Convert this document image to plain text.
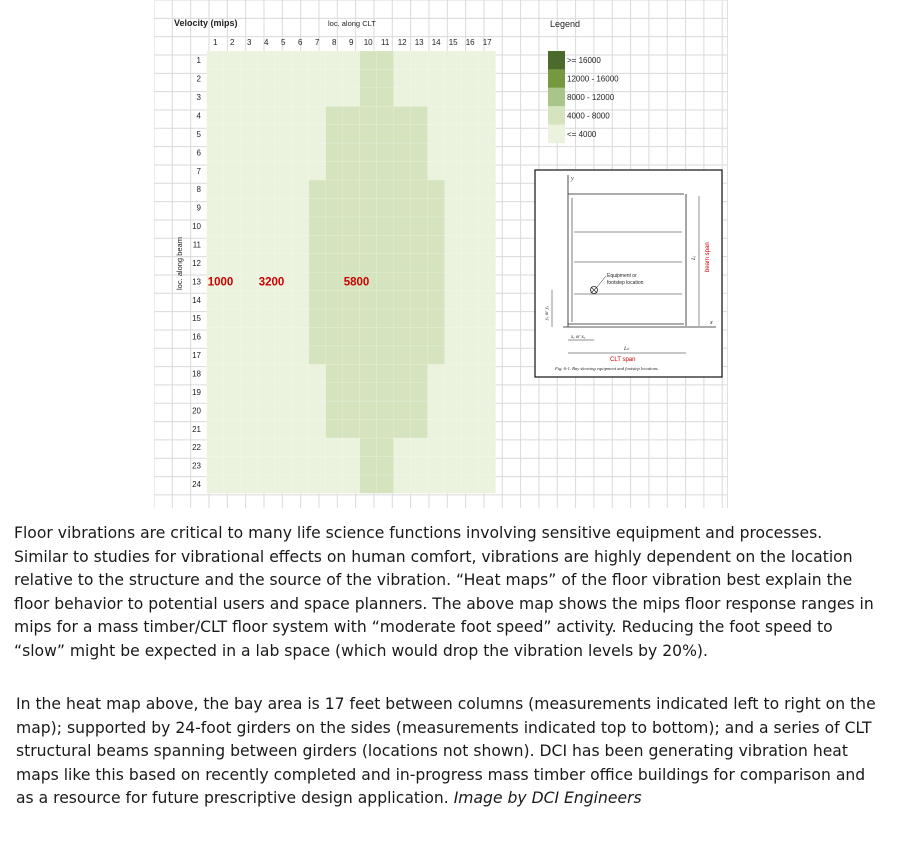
Velocity (mips)	loc. along CLT
loc. along beam
1 2 3 4 5 6 7 8 9 10 11 12 13 14 15 16 17
1
2
3
4
5
6
7
8
9
10
11
12
13
14
15
16
17
18
19
20
21
22
23
24
1000 3200	5800
Legend
>= 16000
12000 - 16000
8000 - 12000
4000 - 8000
<= 4000
y
x
Equipment or
footstep location
yₑ or yₐ
xₑ or xₐ
Lₕ
CLT span
Lⱼ beam span
Fig. 6-1. Bay showing equipment and footstep locations.

Floor vibrations are critical to many life science functions involving sensitive equipment and processes. Similar to studies for vibrational effects on human comfort, vibrations are highly dependent on the location relative to the structure and the source of the vibration. “Heat maps” of the floor vibration best explain the floor behavior to potential users and space planners. The above map shows the mips floor response ranges in mips for a mass timber/CLT floor system with “moderate foot speed” activity. Reducing the foot speed to “slow” might be expected in a lab space (which would drop the vibration levels by 20%).

In the heat map above, the bay area is 17 feet between columns (measurements indicated left to right on the map); supported by 24-foot girders on the sides (measurements indicated top to bottom); and a series of CLT structural beams spanning between girders (locations not shown). DCI has been generating vibration heat maps like this based on recently completed and in-progress mass timber office buildings for comparison and as a resource for future prescriptive design application. Image by DCI Engineers
